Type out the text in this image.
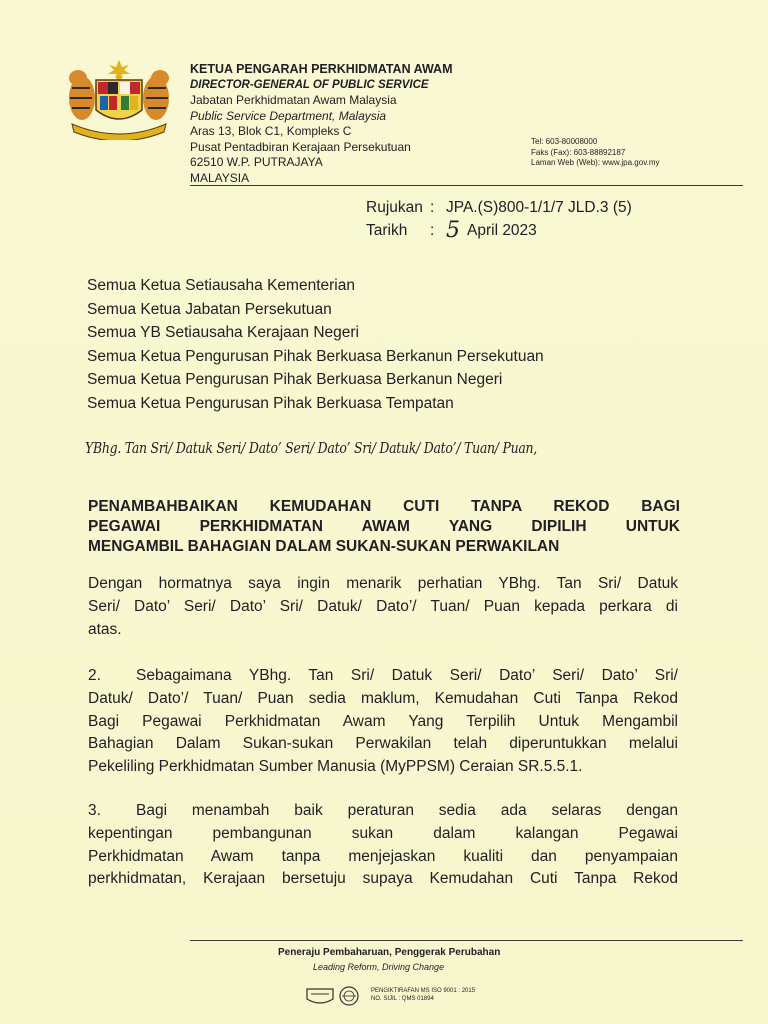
KETUA PENGARAH PERKHIDMATAN AWAM
DIRECTOR-GENERAL OF PUBLIC SERVICE
Jabatan Perkhidmatan Awam Malaysia
Public Service Department, Malaysia
Aras 13, Blok C1, Kompleks C
Pusat Pentadbiran Kerajaan Persekutuan
62510 W.P. PUTRAJAYA
MALAYSIA
Tel: 603-80008000
Faks (Fax): 603-88892187
Laman Web (Web): www.jpa.gov.my
Rujukan : JPA.(S)800-1/1/7 JLD.3 (5)
Tarikh	: 5 April 2023
Semua Ketua Setiausaha Kementerian
Semua Ketua Jabatan Persekutuan
Semua YB Setiausaha Kerajaan Negeri
Semua Ketua Pengurusan Pihak Berkuasa Berkanun Persekutuan
Semua Ketua Pengurusan Pihak Berkuasa Berkanun Negeri
Semua Ketua Pengurusan Pihak Berkuasa Tempatan
YBhg. Tan Sri/ Datuk Seri/ Dato’ Seri/ Dato’ Sri/ Datuk/ Dato’/ Tuan/ Puan,
PENAMBAHBAIKAN KEMUDAHAN CUTI TANPA REKOD BAGI
PEGAWAI PERKHIDMATAN AWAM YANG DIPILIH UNTUK
MENGAMBIL BAHAGIAN DALAM SUKAN-SUKAN PERWAKILAN
Dengan hormatnya saya ingin menarik perhatian YBhg. Tan Sri/ Datuk
Seri/ Dato’ Seri/ Dato’ Sri/ Datuk/ Dato’/ Tuan/ Puan kepada perkara di
atas.
2.	Sebagaimana YBhg. Tan Sri/ Datuk Seri/ Dato’ Seri/ Dato’ Sri/
Datuk/ Dato’/ Tuan/ Puan sedia maklum, Kemudahan Cuti Tanpa Rekod
Bagi Pegawai Perkhidmatan Awam Yang Terpilih Untuk Mengambil
Bahagian Dalam Sukan-sukan Perwakilan telah diperuntukkan melalui
Pekeliling Perkhidmatan Sumber Manusia (MyPPSM) Ceraian SR.5.5.1.
3.	Bagi menambah baik peraturan sedia ada selaras dengan
kepentingan pembangunan sukan dalam kalangan Pegawai
Perkhidmatan Awam tanpa menjejaskan kualiti dan penyampaian
perkhidmatan, Kerajaan bersetuju supaya Kemudahan Cuti Tanpa Rekod
Peneraju Pembaharuan, Penggerak Perubahan
Leading Reform, Driving Change
PENGIKTIRAFAN MS ISO 9001 : 2015
NO. SIJIL : QMS 01894
